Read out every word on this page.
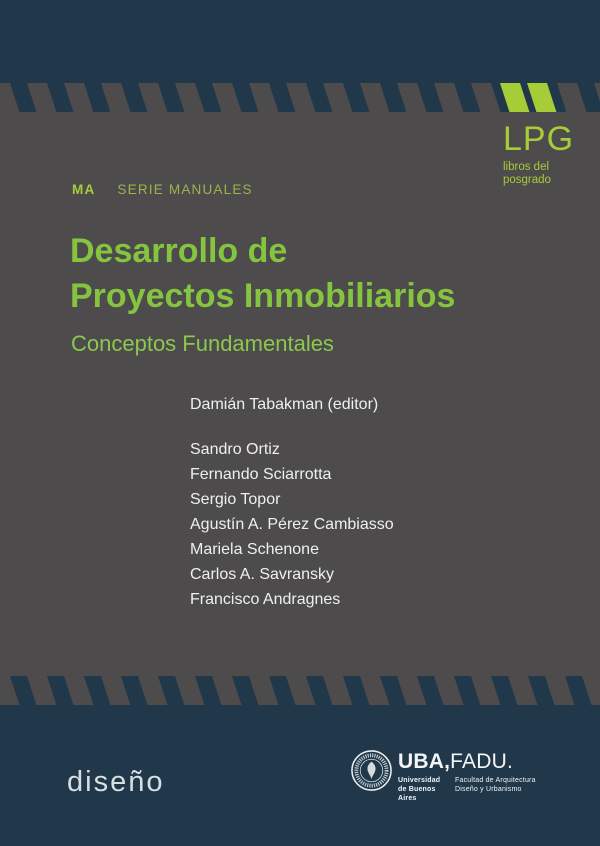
LPG
libros del
posgrado
MA SERIE MANUALES
Desarrollo de
Proyectos Inmobiliarios
Conceptos Fundamentales
Damián Tabakman (editor)
Sandro Ortiz
Fernando Sciarrotta
Sergio Topor
Agustín A. Pérez Cambiasso
Mariela Schenone
Carlos A. Savransky
Francisco Andragnes
diseño
UBA,FADU.
Universidad
de Buenos Aires
Facultad de Arquitectura
Diseño y Urbanismo
